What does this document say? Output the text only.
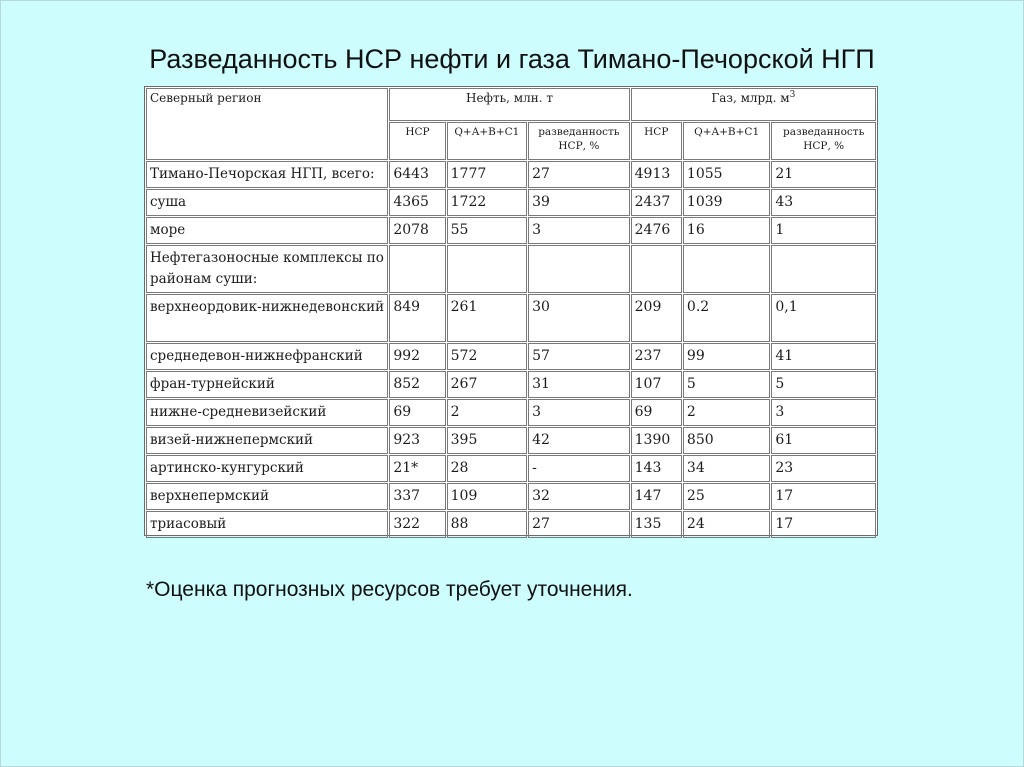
Разведанность НСР нефти и газа Тимано-Печорской НГП
Северный регион	Нефть, млн. т			Газ, млрд. $м^3$
	НСР	Q+A+B+C1	разведанность НСР, %	НСР	Q+A+B+C1	разведанность НСР, %
Тимано-Печорская НГП, всего:	6443	1777	27	4913	1055	21
суша	4365	1722	39	2437	1039	43
море	2078	55	3	2476	16	1
Нефтегазоносные комплексы по районам суши:						
верхнеордовик-нижнедевонский	849	261	30	209	0.2	0,1
среднедевон-нижнефранский	992	572	57	237	99	41
фран-турнейский	852	267	31	107	5	5
нижне-средневизейский	69	2	3	69	2	3
визей-нижнепермский	923	395	42	1390	850	61
артинско-кунгурский	21*	28	-	143	34	23
верхнепермский	337	109	32	147	25	17
триасовый	322	88	27	135	24	17

*Оценка прогнозных ресурсов требует уточнения.
